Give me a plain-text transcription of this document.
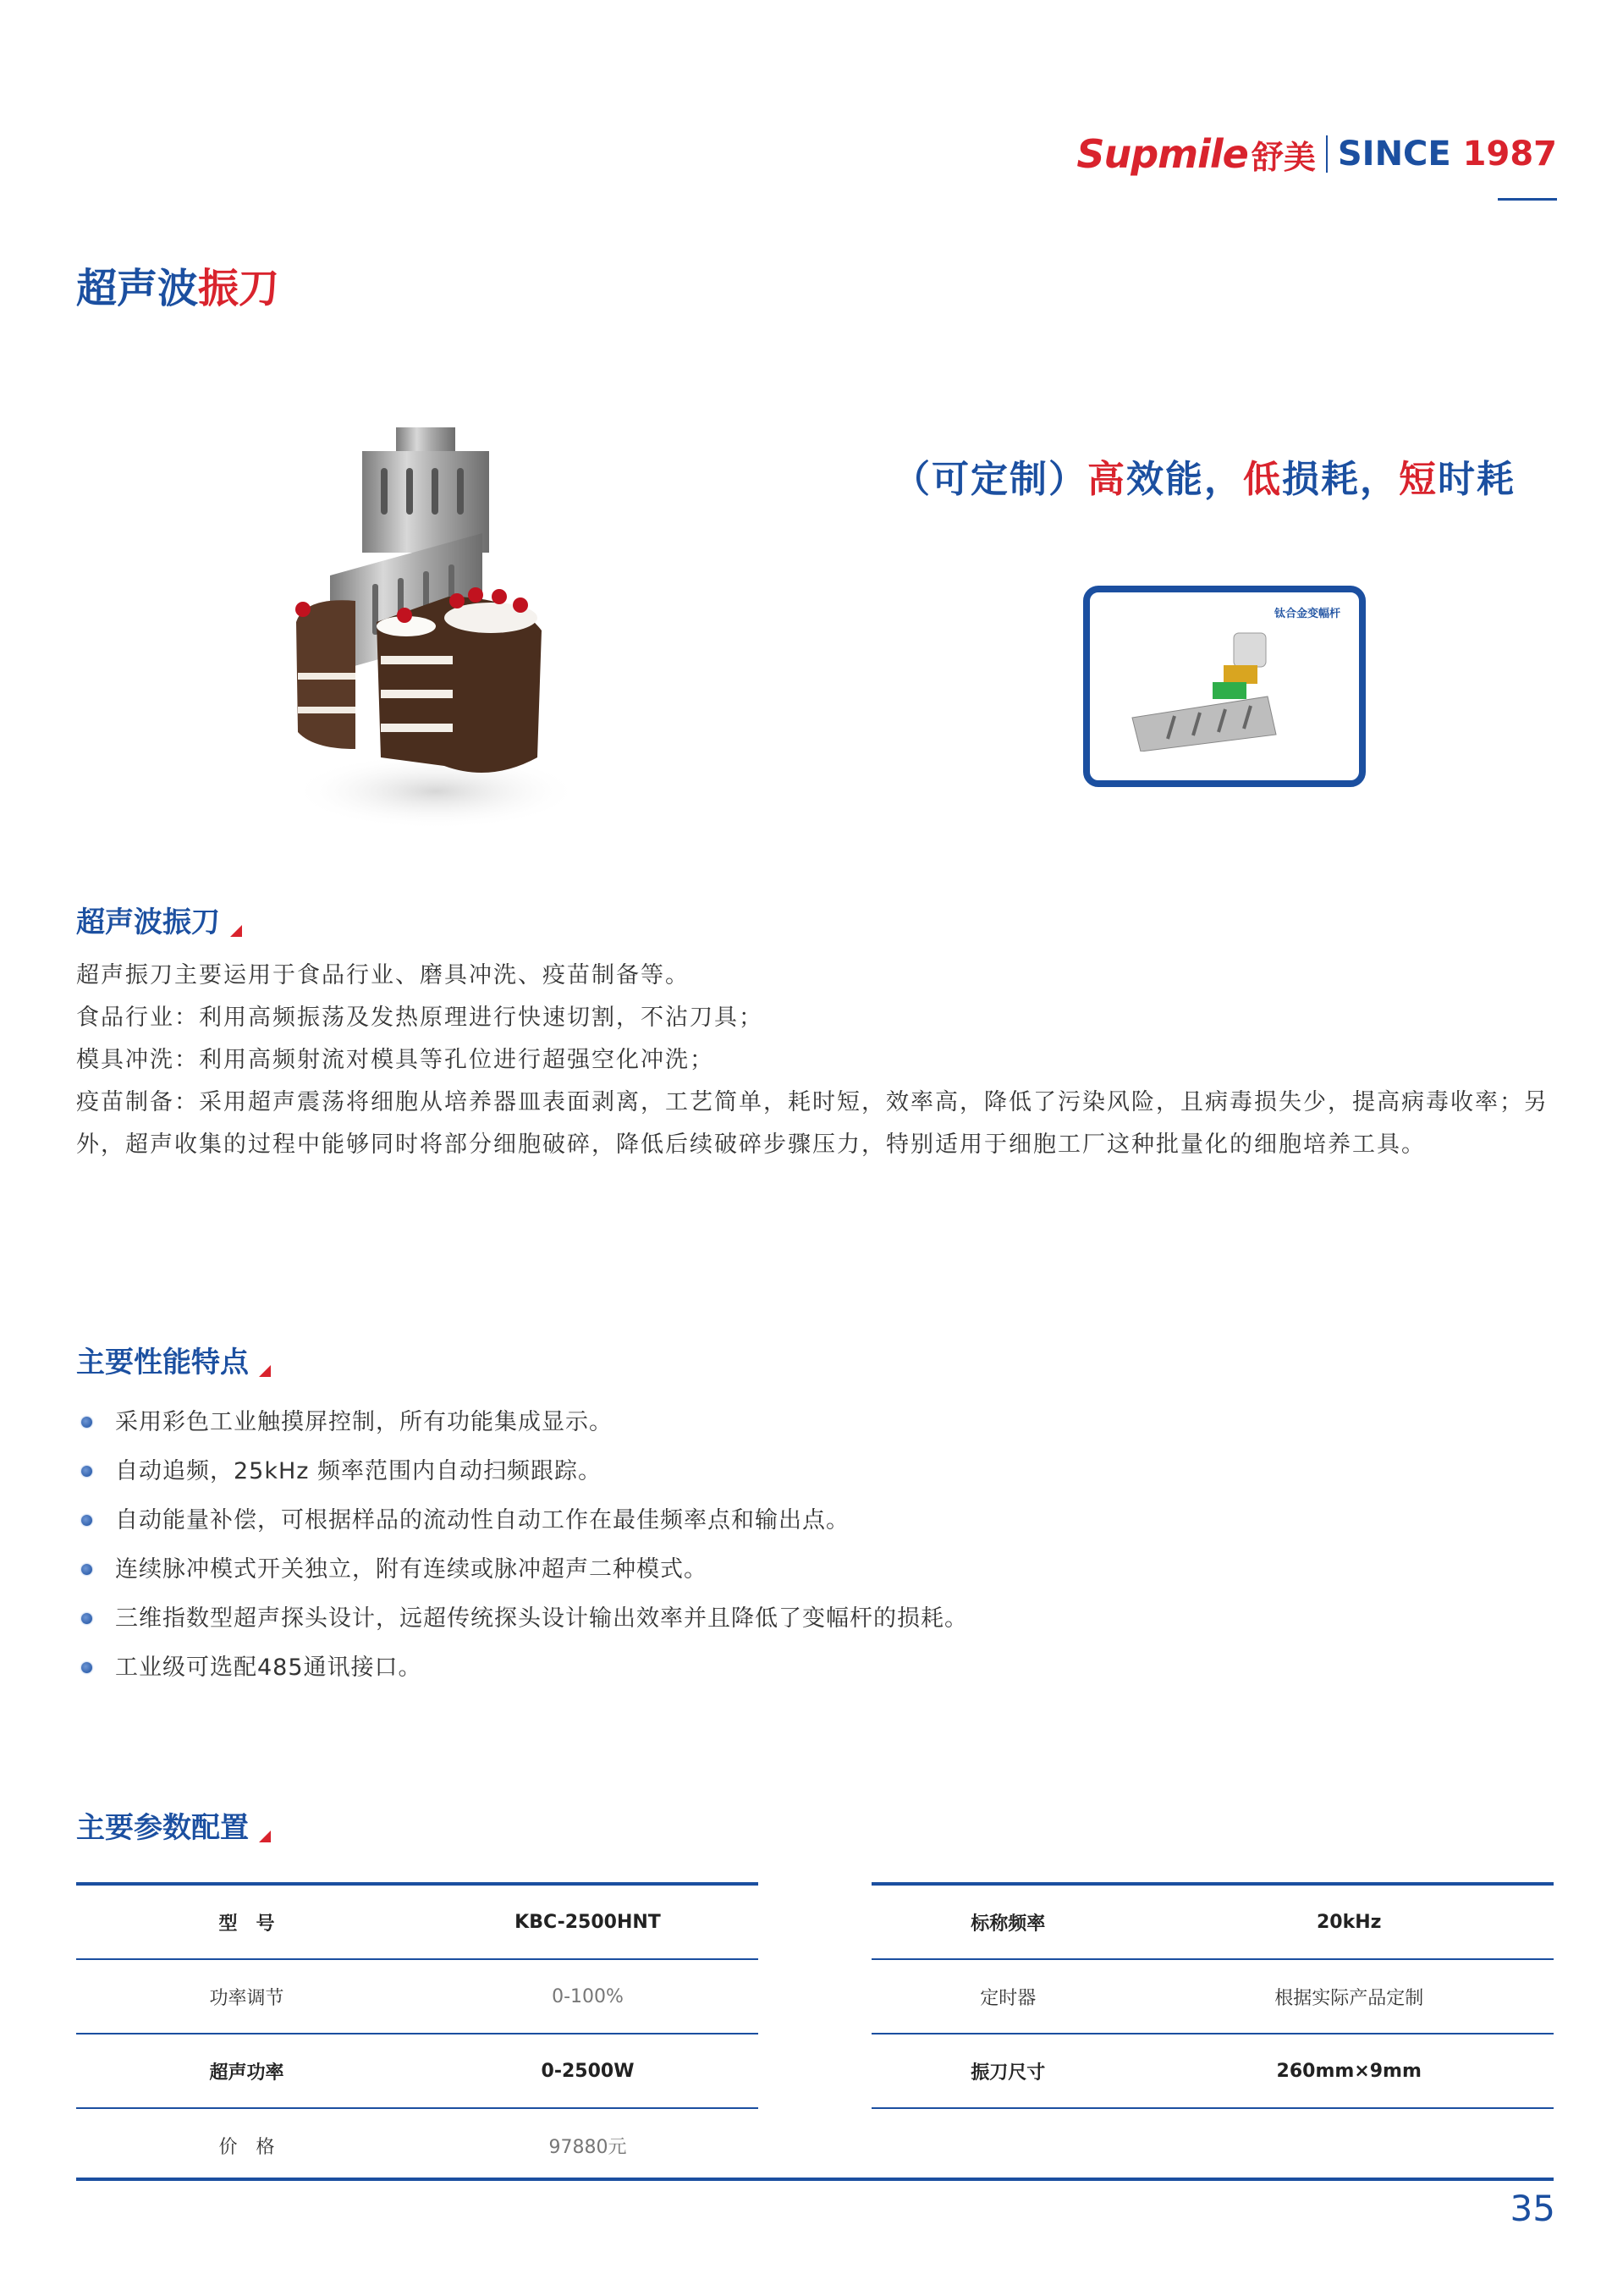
Supmile 舒美 SINCE 1987
超声波振刀
（可定制）高效能，低损耗，短时耗
钛合金变幅杆
超声波振刀

超声振刀主要运用于食品行业、磨具冲洗、疫苗制备等。

食品行业：利用高频振荡及发热原理进行快速切割，不沾刀具；

模具冲洗：利用高频射流对模具等孔位进行超强空化冲洗；

疫苗制备：采用超声震荡将细胞从培养器皿表面剥离，工艺简单，耗时短，效率高，降低了污染风险，且病毒损失少，提高病毒收率；另外，超声收集的过程中能够同时将部分细胞破碎，降低后续破碎步骤压力，特别适用于细胞工厂这种批量化的细胞培养工具。

主要性能特点
采用彩色工业触摸屏控制，所有功能集成显示。
自动追频，25kHz 频率范围内自动扫频跟踪。
自动能量补偿，可根据样品的流动性自动工作在最佳频率点和输出点。
连续脉冲模式开关独立，附有连续或脉冲超声二种模式。
三维指数型超声探头设计，远超传统探头设计输出效率并且降低了变幅杆的损耗。
工业级可选配485通讯接口。
主要参数配置
型　号	KBC-2500HNT
功率调节	0-100%
超声功率	0-2500W
价　格	97880元
标称频率	20kHz
定时器	根据实际产品定制
振刀尺寸	260mm×9mm
35
